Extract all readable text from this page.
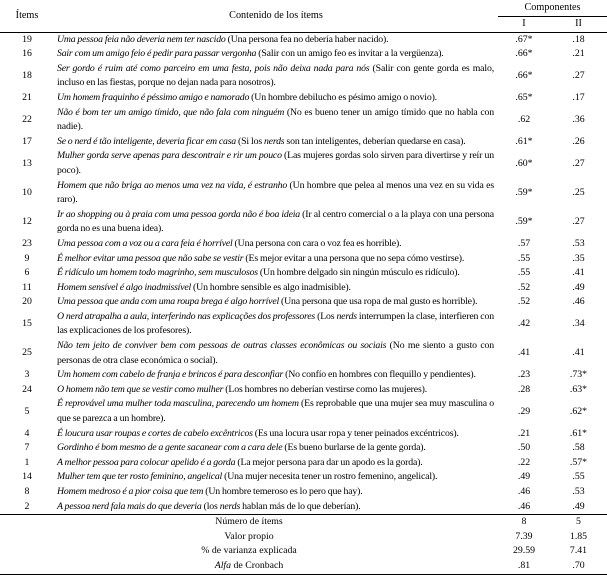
Ítems	Contenido de los ítems	Componentes	
		I	II
19	Uma pessoa feia não deveria nem ter nascido (Una persona fea no debería haber nacido).	.67*	.18
16	Sair com um amigo feio é pedir para passar vergonha (Salir con un amigo feo es invitar a la vergüenza).	.66*	.21
18	Ser gordo é ruim até como parceiro em uma festa, pois não deixa nada para nós (Salir con gente gorda es malo, incluso en las fiestas, porque no dejan nada para nosotros).	.66*	.27
21	Um homem fraquinho é péssimo amigo e namorado (Un hombre debilucho es pésimo amigo o novio).	.65*	.17
22	Não é bom ter um amigo tímido, que não fala com ninguém (No es bueno tener un amigo tímido que no habla con nadie).	.62	.36
17	Se o nerd é tão inteligente, deveria ficar em casa (Si los nerds son tan inteligentes, deberían quedarse en casa).	.61*	.26
13	Mulher gorda serve apenas para descontrair e rir um pouco (Las mujeres gordas solo sirven para divertirse y reír un poco).	.60*	.27
10	Homem que não briga ao menos uma vez na vida, é estranho (Un hombre que pelea al menos una vez en su vida es raro).	.59*	.25
12	Ir ao shopping ou à praia com uma pessoa gorda não é boa ideia (Ir al centro comercial o a la playa con una persona gorda no es una buena idea).	.59*	.27
23	Uma pessoa com a voz ou a cara feia é horrível (Una persona con cara o voz fea es horrible).	.57	.53
9	É melhor evitar uma pessoa que não sabe se vestir (Es mejor evitar a una persona que no sepa cómo vestirse).	.55	.35
6	É ridículo um homem todo magrinho, sem musculosos (Un hombre delgado sin ningún músculo es ridículo).	.55	.41
11	Homem sensível é algo inadmissível (Un hombre sensible es algo inadmisible).	.52	.49
20	Uma pessoa que anda com uma roupa brega é algo horrível (Una persona que usa ropa de mal gusto es horrible).	.52	.46
15	O nerd atrapalha a aula, interferindo nas explicações dos professores (Los nerds interrumpen la clase, interfieren con las explicaciones de los profesores).	.42	.34
25	Não tem jeito de conviver bem com pessoas de outras classes econômicas ou sociais (No me siento a gusto con personas de otra clase económica o social).	.41	.41
3	Um homem com cabelo de franja e brincos é para desconfiar (No confío en hombres con flequillo y pendientes).	.23	.73*
24	O homem não tem que se vestir como mulher (Los hombres no deberían vestirse como las mujeres).	.28	.63*
5	É reprovável uma mulher toda masculina, parecendo um homem (Es reprobable que una mujer sea muy masculina o que se parezca a un hombre).	.29	.62*
4	É loucura usar roupas e cortes de cabelo excêntricos (Es una locura usar ropa y tener peinados excéntricos).	.21	.61*
7	Gordinho é bom mesmo de a gente sacanear com a cara dele (Es bueno burlarse de la gente gorda).	.50	.58
1	A melhor pessoa para colocar apelido é a gorda (La mejor persona para dar un apodo es la gorda).	.22	.57*
14	Mulher tem que ter rosto feminino, angelical (Una mujer necesita tener un rostro femenino, angelical).	.49	.55
8	Homem medroso é a pior coisa que tem (Un hombre temeroso es lo pero que hay).	.46	.53
2	A pessoa nerd fala mais do que deveria (los nerds hablan más de lo que deberían).	.46	.49
Número de ítems		8	5
Valor propio		7.39	1.85
% de varianza explicada		29.59	7.41
Alfa de Cronbach		.81	.70
